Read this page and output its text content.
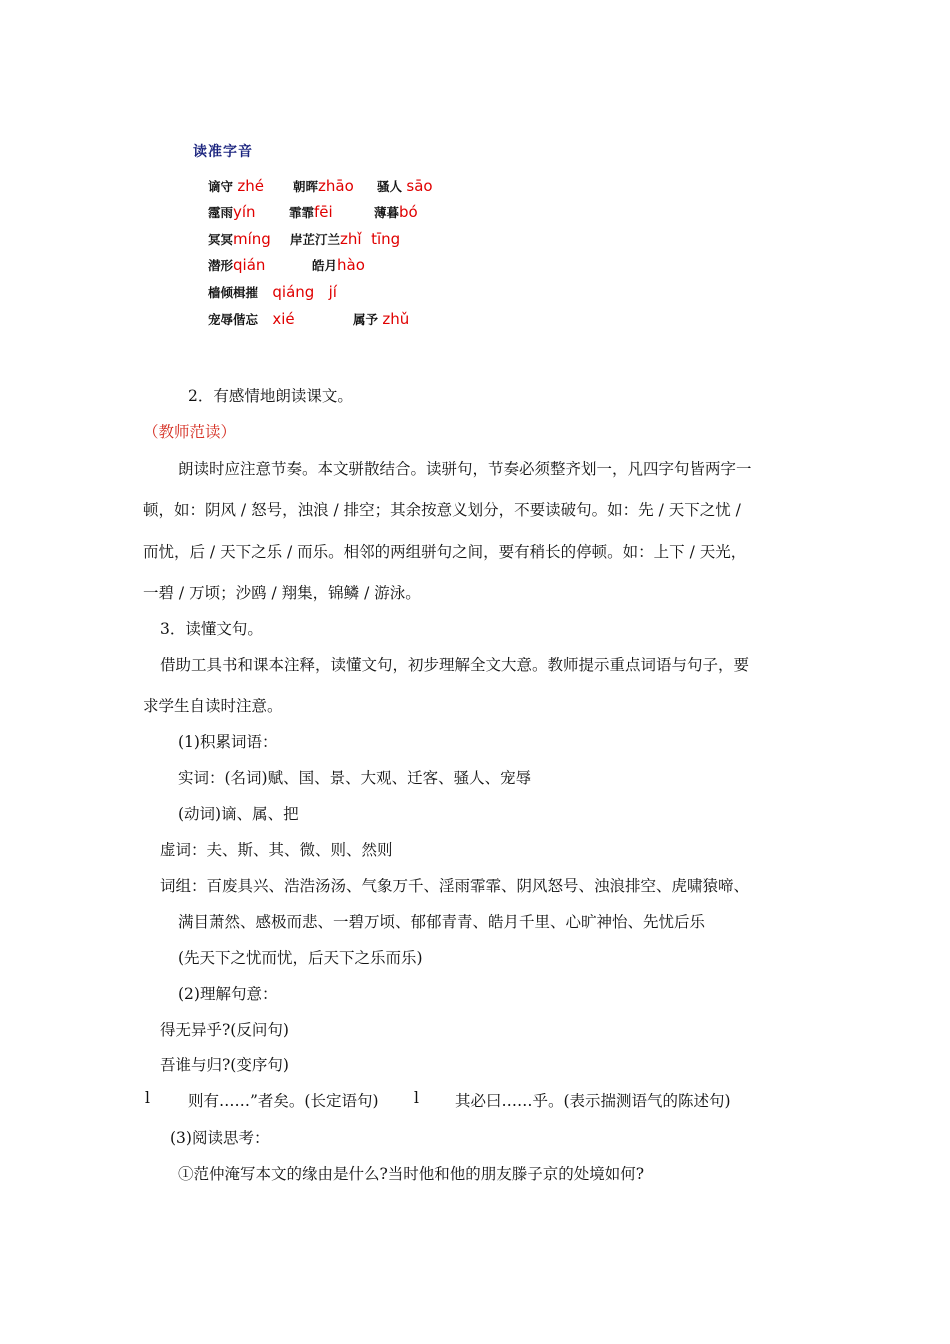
读准字音
谪守 zhé 朝晖zhāo 骚人 sāo
霪雨yín	霏霏fēi	薄暮bó
冥冥míng 岸芷汀兰zhǐ  tīng
潜形qián	皓月hào
樯倾楫摧 qiáng   jí
宠辱偕忘 xié	属予 zhǔ
2．有感情地朗读课文。
（教师范读）
朗读时应注意节奏。本文骈散结合。读骈句，节奏必须整齐划一，凡四字句皆两字一
顿，如：阴风 / 怒号，浊浪 / 排空；其余按意义划分，不要读破句。如：先 / 天下之忧 /
而忧，后 / 天下之乐 / 而乐。相邻的两组骈句之间，要有稍长的停顿。如：上下 / 天光，
一碧 / 万顷；沙鸥 / 翔集，锦鳞 / 游泳。
3．读懂文句。
借助工具书和课本注释，读懂文句，初步理解全文大意。教师提示重点词语与句子，要
求学生自读时注意。
(1)积累词语：
实词：(名词)赋、国、景、大观、迁客、骚人、宠辱
(动词)谪、属、把
虚词：夫、斯、其、微、则、然则
词组：百废具兴、浩浩汤汤、气象万千、淫雨霏霏、阴风怒号、浊浪排空、虎啸猿啼、
满目萧然、感极而悲、一碧万顷、郁郁青青、皓月千里、心旷神怡、先忧后乐
(先天下之忧而忧，后天下之乐而乐)
(2)理解句意：
得无异乎?(反问句)
吾谁与归?(变序句)
l 则有……”者矣。(长定语句) l 其必曰……乎。(表示揣测语气的陈述句)
(3)阅读思考：
①范仲淹写本文的缘由是什么?当时他和他的朋友滕子京的处境如何?
